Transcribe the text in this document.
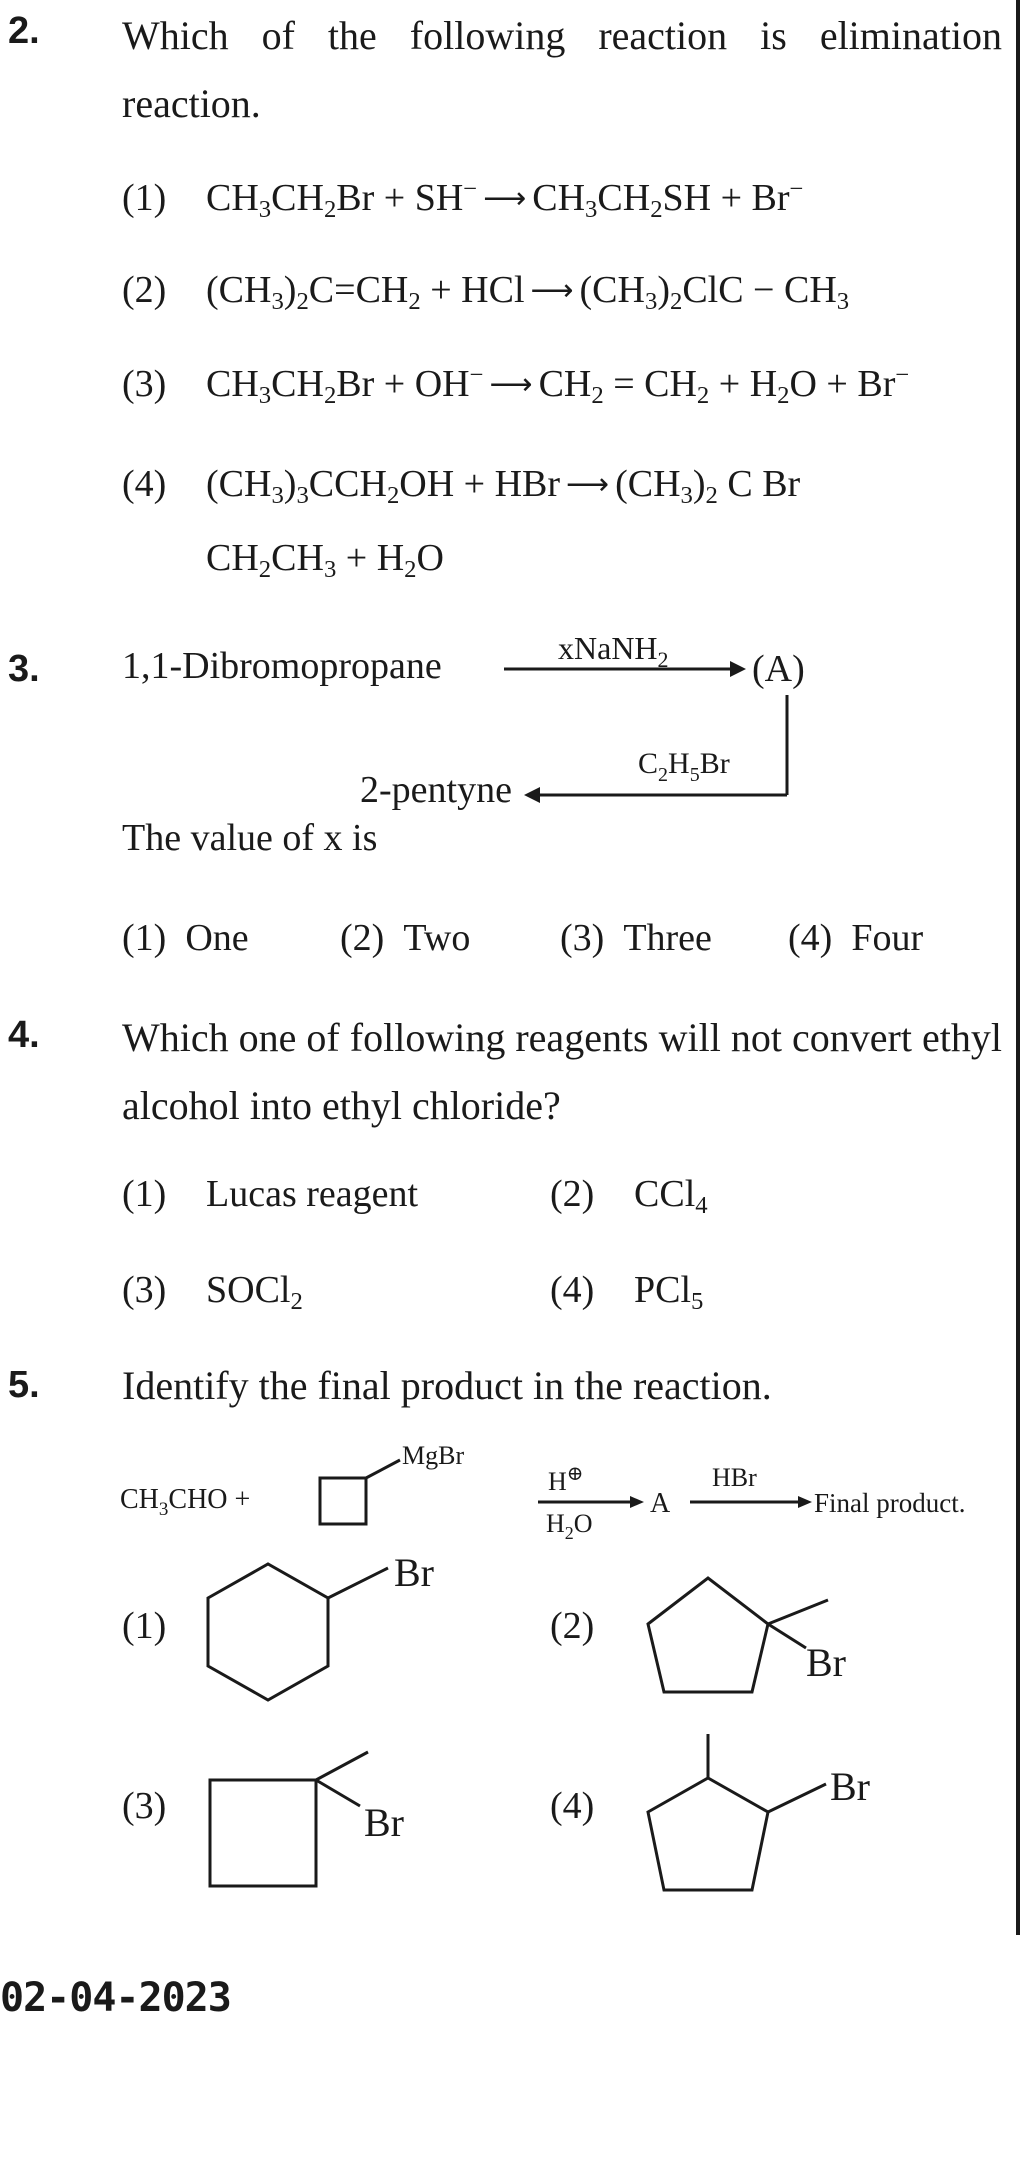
2. Which of the following reaction is elimination reaction.
(1) $CH_3CH_2Br + SH^-$ ⟶ $CH_3CH_2SH + Br^-$
(2) $(CH_3)_2C=CH_2$ + HCl ⟶ $(CH_3)_2ClC - CH_3$
(3) $CH_3CH_2Br + OH^-$ ⟶ $CH_2 = CH_2 + H_2O + Br^-$
(4) $(CH_3)_3CCH_2OH$ + HBr ⟶ $(CH_3)_2$ C Br
$CH_2CH_3 + H_2O$
3. 1,1-Dibromopropane	xNaNH$_2$ (A)
$C_2H_5Br$
2-pentyne
The value of x is
(1) One (2) Two (3) Three (4) Four
4. Which one of following reagents will not convert ethyl alcohol into ethyl chloride?
(1) Lucas reagent	(2) CCl$_4$
(3) SOCl$_2$	(4) PCl$_5$
5. Identify the final product in the reaction.
$CH_3CHO$ +
MgBr
H⊕
$H_2O$
A
HBr
Final product.
(1)
Br
(2)
Br
(3)	Br	(4)	Br
02-04-2023
